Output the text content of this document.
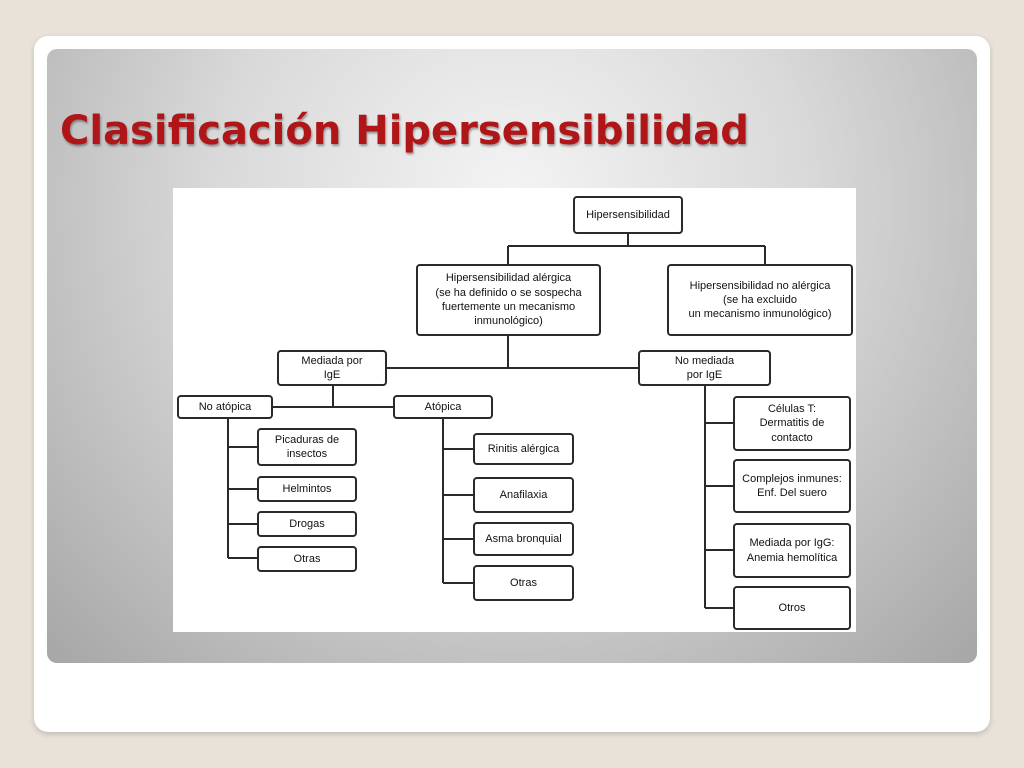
Clasificación Hipersensibilidad
Hipersensibilidad
Hipersensibilidad alérgica
(se ha definido o se sospecha
fuertemente un mecanismo
inmunológico)
Hipersensibilidad no alérgica
(se ha excluido
un mecanismo inmunológico)
Mediada por
IgE
No mediada
por IgE
No atópica	Atópica
Picaduras de
insectos
Helmintos
Drogas
Otras
Rinitis alérgica
Anafilaxia
Asma bronquial
Otras
Células T:
Dermatitis de
contacto
Complejos inmunes:
Enf. Del suero
Mediada por IgG:
Anemia hemolítica
Otros
